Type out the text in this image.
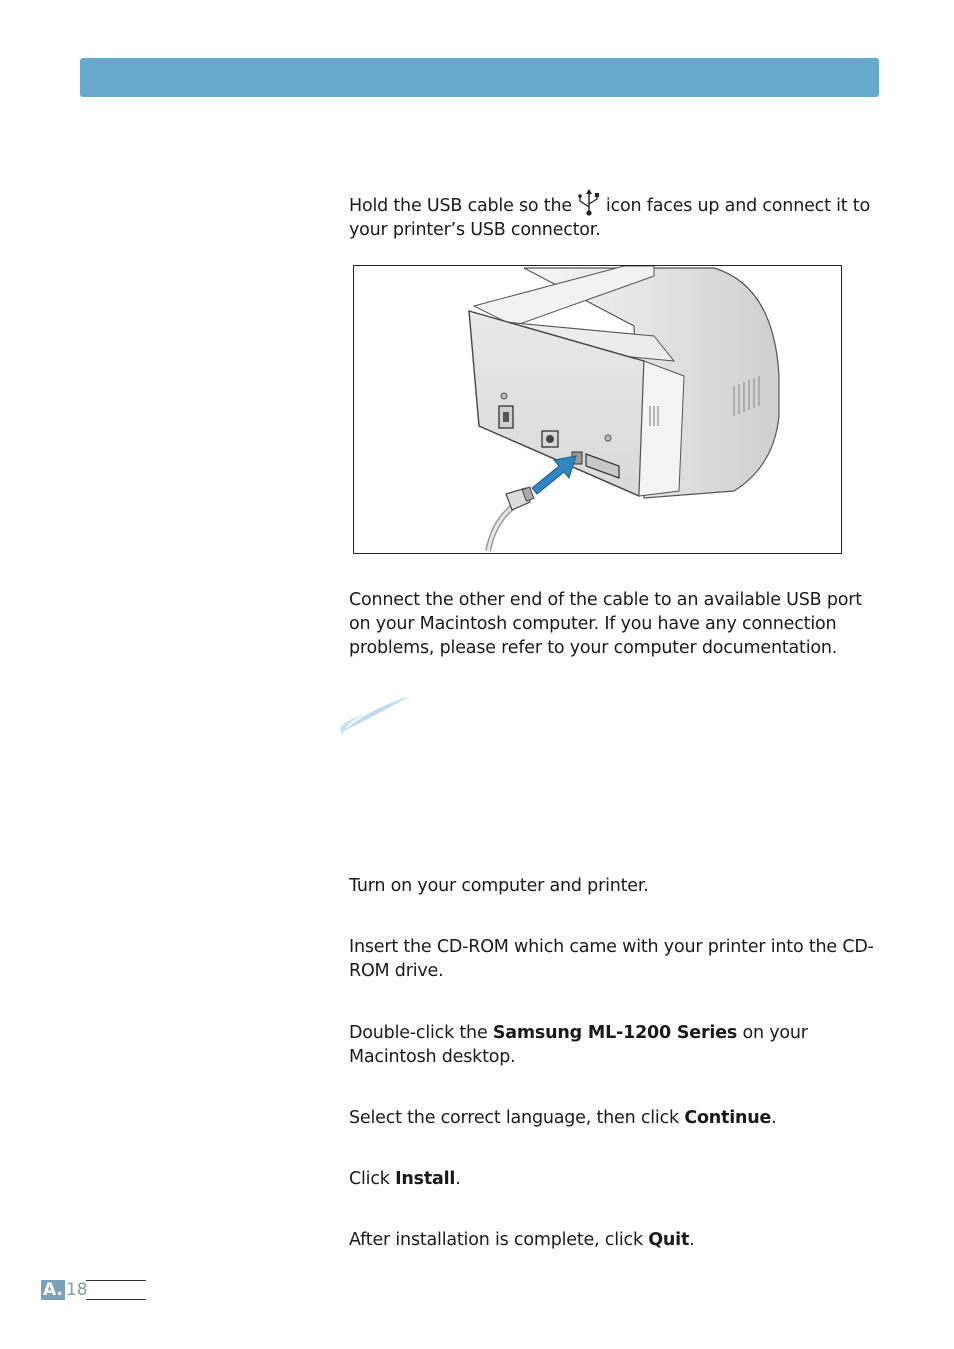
Hold the USB cable so the icon faces up and connect it to your printer’s USB connector.

Connect the other end of the cable to an available USB port on your Macintosh computer. If you have any connection problems, please refer to your computer documentation.

Turn on your computer and printer.

Insert the CD-ROM which came with your printer into the CD-ROM drive.

Double-click the Samsung ML-1200 Series on your Macintosh desktop.

Select the correct language, then click Continue.

Click Install.

After installation is complete, click Quit.

A. 18
